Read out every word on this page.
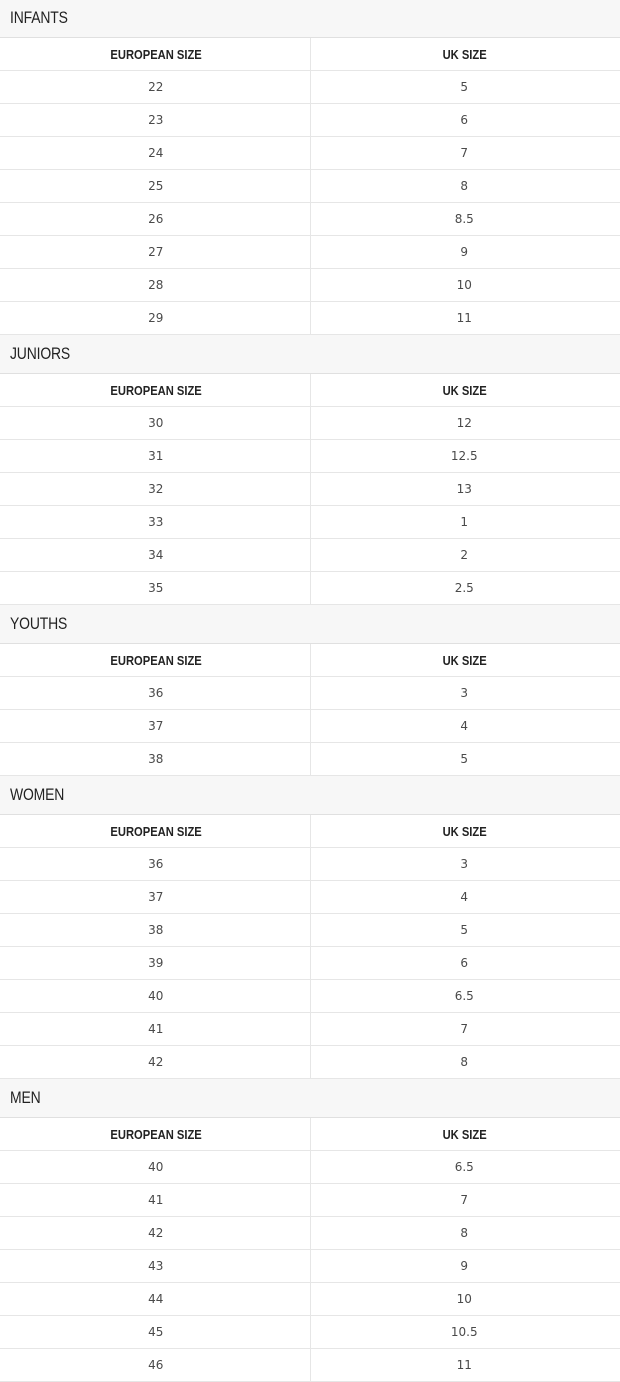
INFANTS
EUROPEAN SIZE	UK SIZE
22	5
23	6
24	7
25	8
26	8.5
27	9
28	10
29	11
JUNIORS
EUROPEAN SIZE	UK SIZE
30	12
31	12.5
32	13
33	1
34	2
35	2.5
YOUTHS
EUROPEAN SIZE	UK SIZE
36	3
37	4
38	5
WOMEN
EUROPEAN SIZE	UK SIZE
36	3
37	4
38	5
39	6
40	6.5
41	7
42	8
MEN
EUROPEAN SIZE	UK SIZE
40	6.5
41	7
42	8
43	9
44	10
45	10.5
46	11
